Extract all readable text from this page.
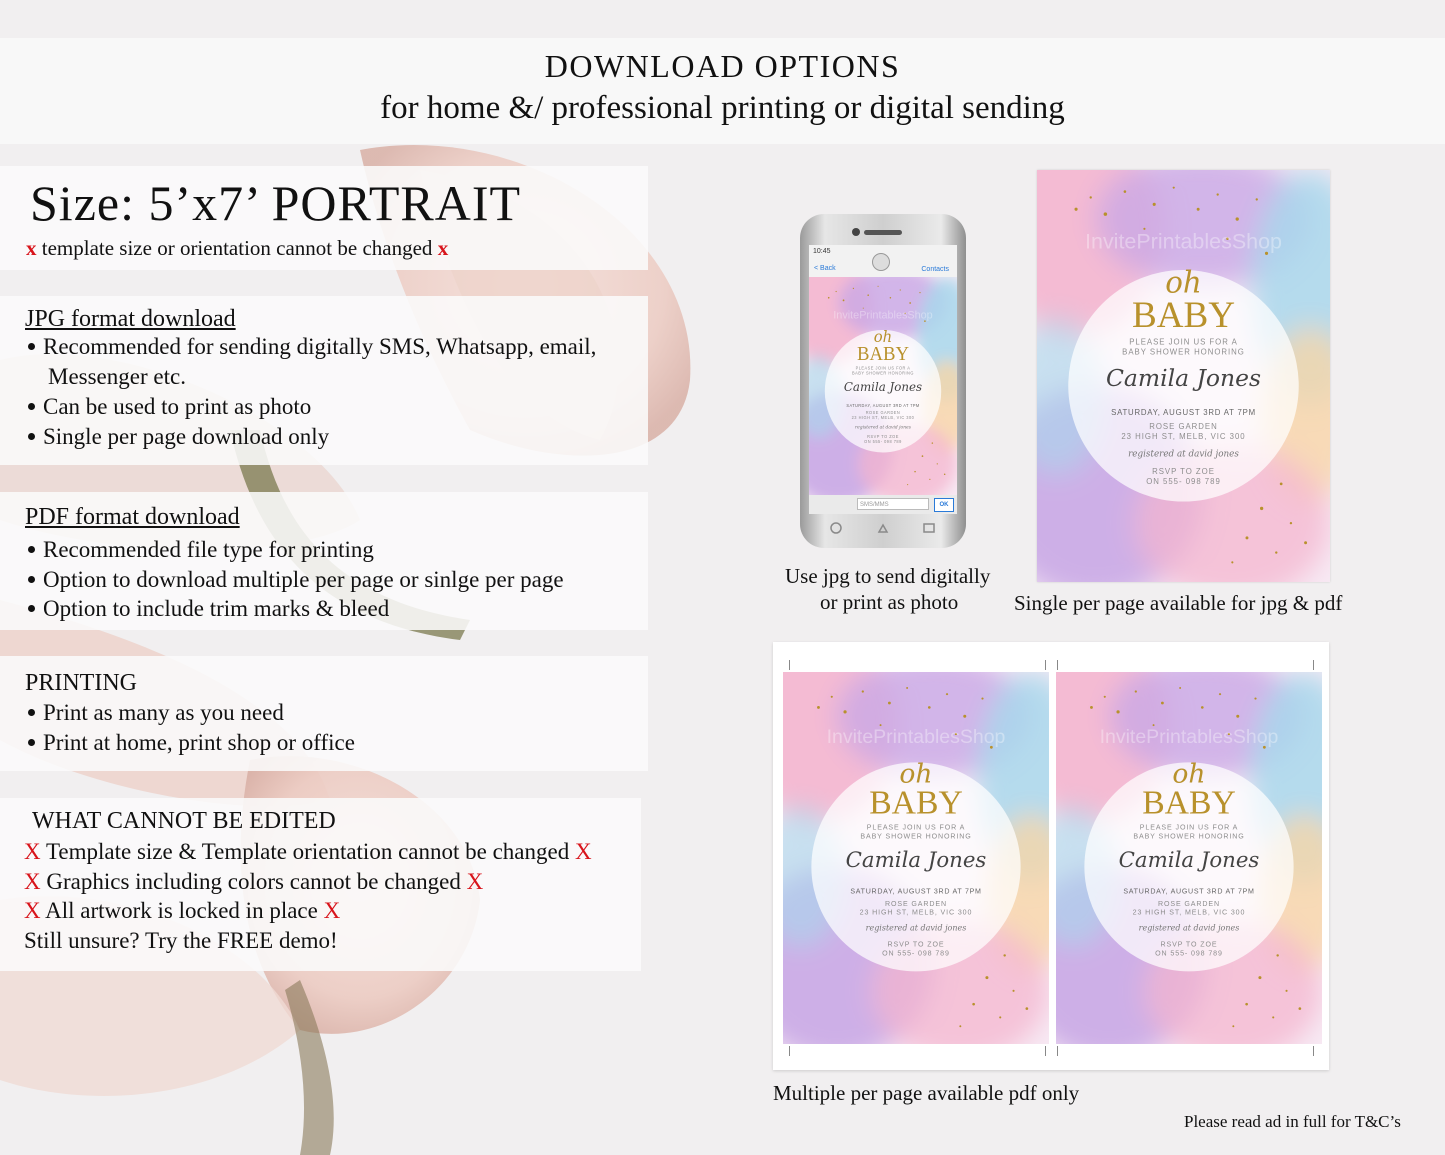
DOWNLOAD OPTIONS
for home &/ professional printing or digital sending
Size: 5’x7’ PORTRAIT
x template size or orientation cannot be changed x
JPG format download
Recommended for sending digitally SMS, Whatsapp, email,
Messenger etc.
Can be used to print as photo
Single per page download only
PDF format download
Recommended file type for printing
Option to download multiple per page or sinlge per page
Option to include trim marks & bleed
PRINTING
Print as many as you need
Print at home, print shop or office
WHAT CANNOT BE EDITED
X Template size & Template orientation cannot be changed X
X Graphics including colors cannot be changed X
X All artwork is locked in place X
Still unsure? Try the FREE demo!
10:45
< Back	Contacts
oh
BABY
PLEASE JOIN US FOR A
BABY SHOWER HONORING
Camila Jones
SATURDAY, AUGUST 3RD AT 7PM
ROSE GARDEN
23 HIGH ST, MELB, VIC 300
registered at david jones
RSVP TO ZOE
ON 555- 098 789
InvitePrintablesShop
SMS/MMS	OK
Use jpg to send digitally
or print as photo
oh
BABY
PLEASE JOIN US FOR A
BABY SHOWER HONORING
Camila Jones
SATURDAY, AUGUST 3RD AT 7PM
ROSE GARDEN
23 HIGH ST, MELB, VIC 300
registered at david jones
RSVP TO ZOE
ON 555- 098 789
InvitePrintablesShop
Single per page available for jpg & pdf
oh
BABY
PLEASE JOIN US FOR A
BABY SHOWER HONORING
Camila Jones
SATURDAY, AUGUST 3RD AT 7PM
ROSE GARDEN
23 HIGH ST, MELB, VIC 300
registered at david jones
RSVP TO ZOE
ON 555- 098 789
InvitePrintablesShop
oh
BABY
PLEASE JOIN US FOR A
BABY SHOWER HONORING
Camila Jones
SATURDAY, AUGUST 3RD AT 7PM
ROSE GARDEN
23 HIGH ST, MELB, VIC 300
registered at david jones
RSVP TO ZOE
ON 555- 098 789
InvitePrintablesShop
Multiple per page available pdf only
Please read ad in full for T&C’s
